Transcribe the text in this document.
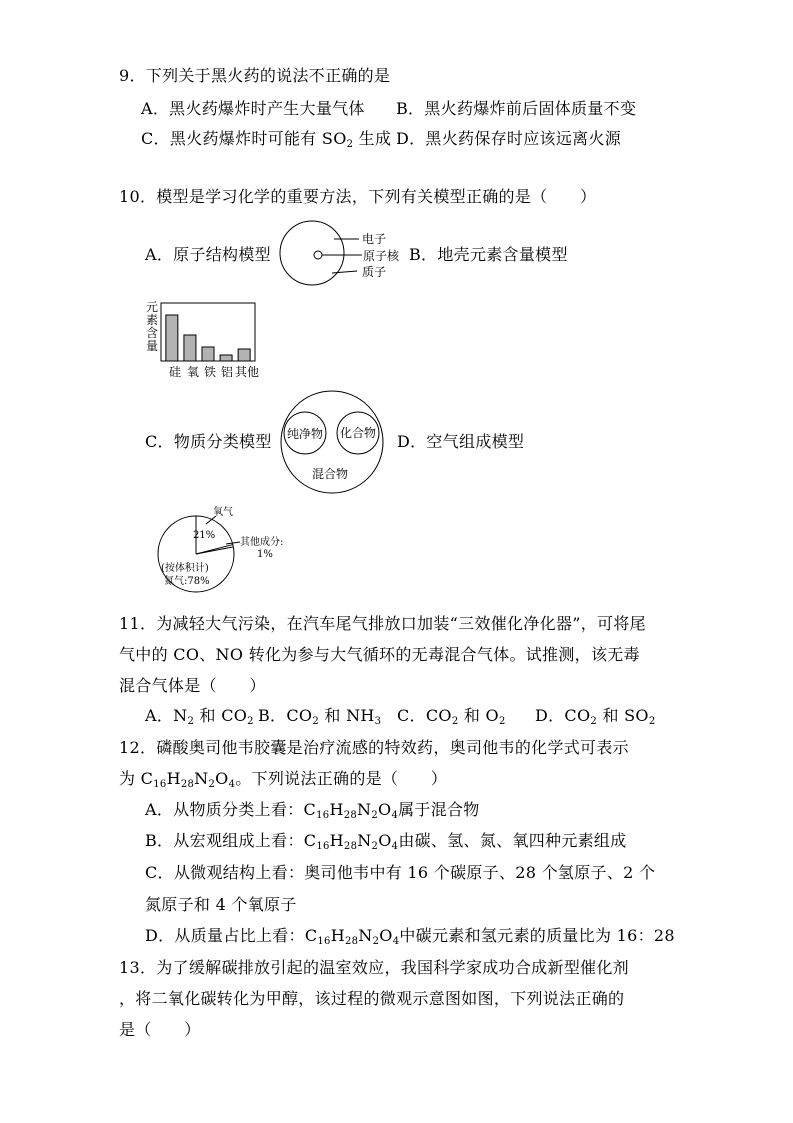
9．下列关于黑火药的说法不正确的是
A．黑火药爆炸时产生大量气体 B．黑火药爆炸前后固体质量不变
C．黑火药爆炸时可能有 $SO_2$ 生成 D．黑火药保存时应该远离火源
10．模型是学习化学的重要方法，下列有关模型正确的是（　　）
A．原子结构模型
电子
原子核
质子
B．地壳元素含量模型
元
素
含
量
硅 氧 铁 铝 其他
C．物质分类模型 纯净物 化合物
混合物
D．空气组成模型
氧气
21%
其他成分:
1%
(按体积计)
氮气:78%
11．为减轻大气污染，在汽车尾气排放口加装“三效催化净化器”，可将尾
气中的 CO、NO 转化为参与大气循环的无毒混合气体。试推测，该无毒
混合气体是（　　）
A．$N_2$ 和 $CO_2$ B．$CO_2$ 和 $NH_3$ C．$CO_2$ 和 $O_2$ D．$CO_2$ 和 $SO_2$
12．磷酸奥司他韦胶囊是治疗流感的特效药，奥司他韦的化学式可表示
为 $C_{16}H_{28}N_2O_4$。下列说法正确的是（　　）
A．从物质分类上看：$C_{16}H_{28}N_2O_4$属于混合物
B．从宏观组成上看：$C_{16}H_{28}N_2O_4$由碳、氢、氮、氧四种元素组成
C．从微观结构上看：奥司他韦中有 16 个碳原子、28 个氢原子、2 个
氮原子和 4 个氧原子
D．从质量占比上看：$C_{16}H_{28}N_2O_4$中碳元素和氢元素的质量比为 16：28
13．为了缓解碳排放引起的温室效应，我国科学家成功合成新型催化剂
，将二氧化碳转化为甲醇，该过程的微观示意图如图，下列说法正确的
是（　　）
